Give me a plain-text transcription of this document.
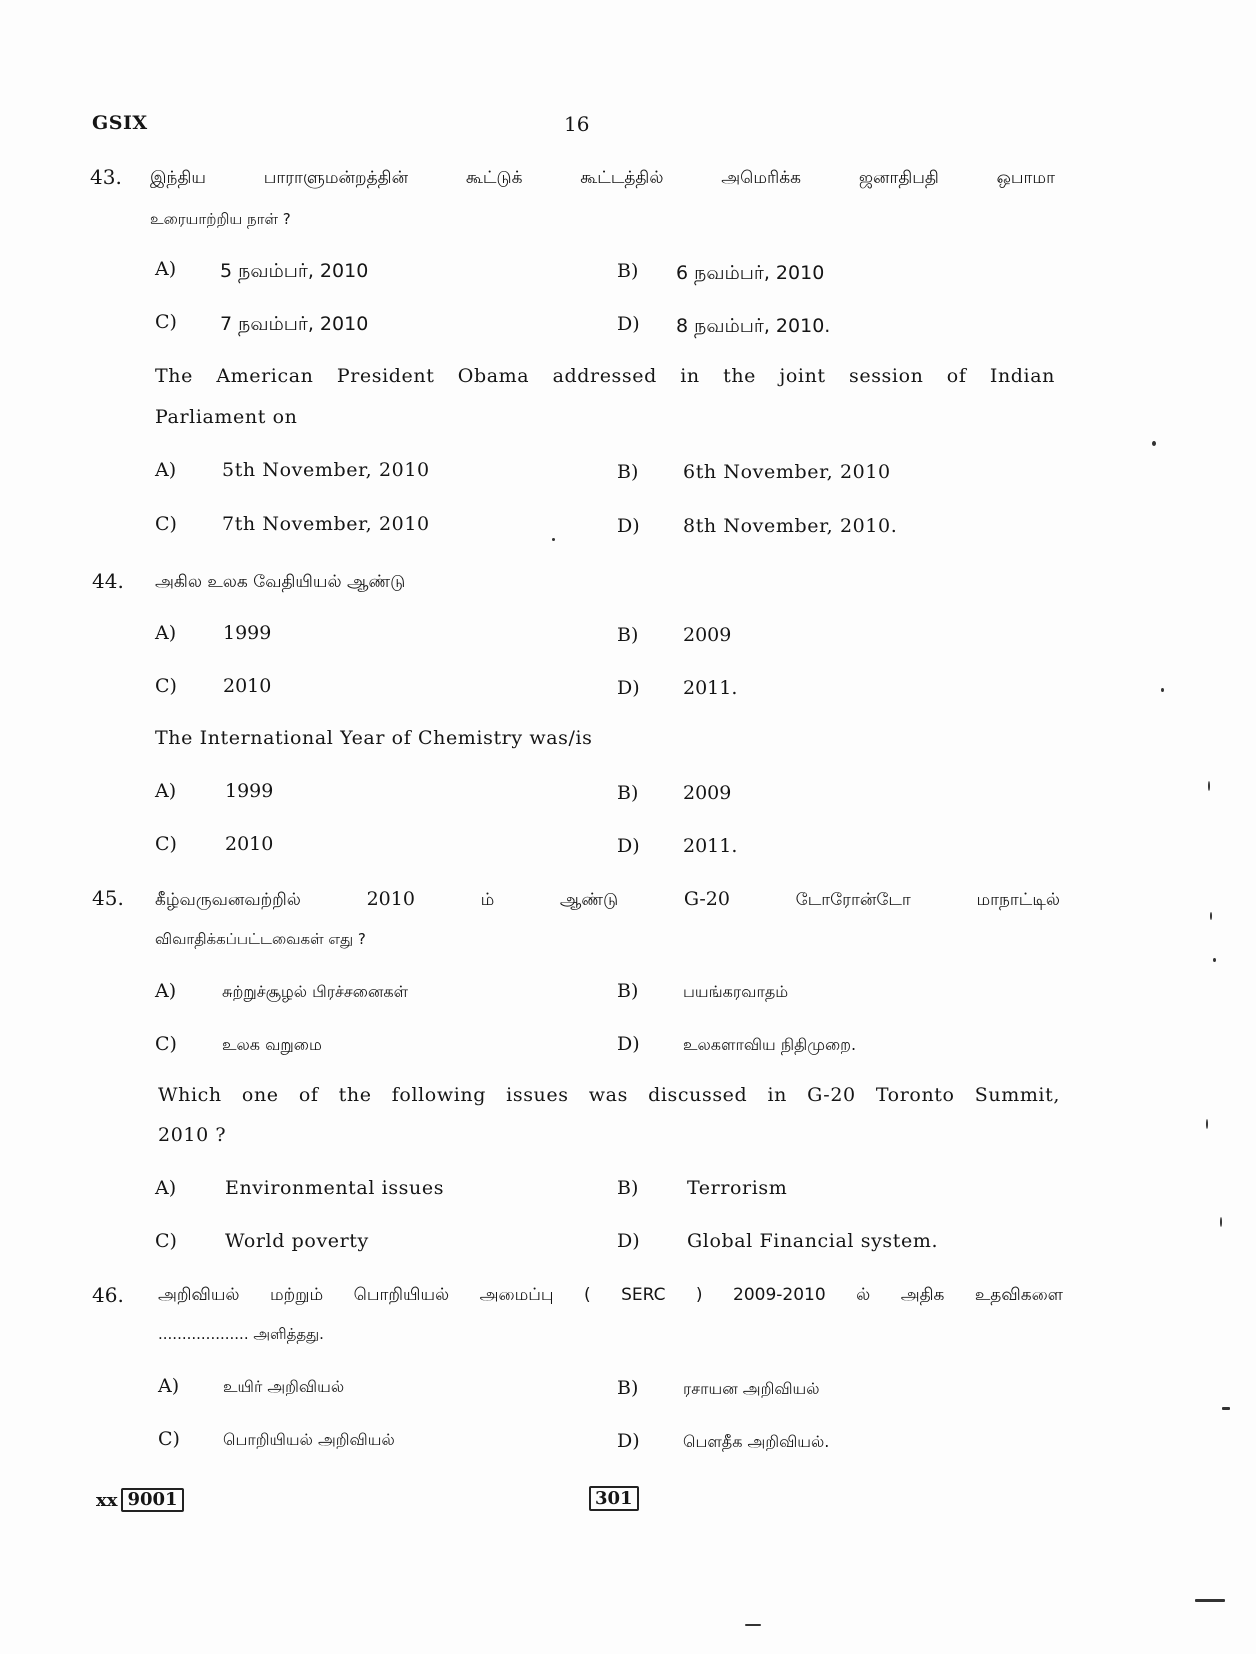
GSIX	16
43. இந்திய	பாராளுமன்றத்தின்	கூட்டுக்	கூட்டத்தில்	அமெரிக்க	ஜனாதிபதி	ஒபாமா
உரையாற்றிய நாள் ?
A) 5 நவம்பர், 2010	B) 6 நவம்பர், 2010
C) 7 நவம்பர், 2010	D) 8 நவம்பர், 2010.
The American President Obama addressed in the joint session of Indian
Parliament on
A) 5th November, 2010	B) 6th November, 2010
C) 7th November, 2010	D) 8th November, 2010.
44. அகில உலக வேதியியல் ஆண்டு
A) 1999	B) 2009
C) 2010	D) 2011.
The International Year of Chemistry was/is
A)	1999	B) 2009
C)	2010	D) 2011.
45. கீழ்வருவனவற்றில்	2010	ம்	ஆண்டு	G-20	டோரோன்டோ	மாநாட்டில்
விவாதிக்கப்பட்டவைகள் எது ?
A)	சுற்றுச்சூழல் பிரச்சனைகள்	B)	பயங்கரவாதம்
C)	உலக வறுமை	D)	உலகளாவிய நிதிமுறை.
Which one of the following issues was discussed in G-20 Toronto Summit,
2010 ?
A)	Environmental issues	B)	Terrorism
C)	World poverty	D) Global Financial system.
46. அறிவியல் மற்றும் பொறியியல் அமைப்பு ( SERC ) 2009-2010 ல் அதிக உதவிகளை
................... அளித்தது.
A)	உயிர் அறிவியல்	B)	ரசாயன அறிவியல்
C)	பொறியியல் அறிவியல்	D)	பௌதீக அறிவியல்.
xx 9001	301
